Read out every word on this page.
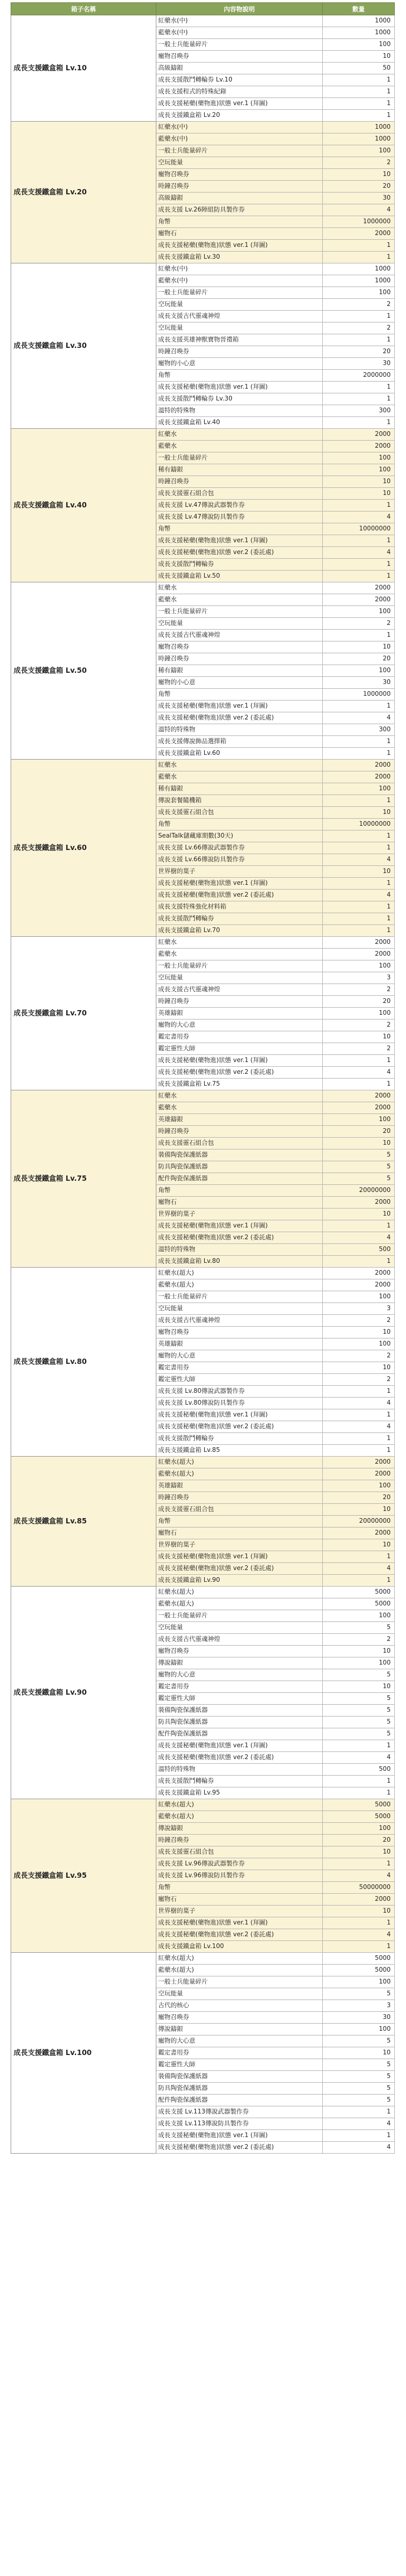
箱子名稱	內容物說明	數量
成長支援鐵盒箱 Lv.10	紅藥水(中)	1000
	藍藥水(中)	1000
	一般士兵能量碎片	100
	寵物召喚券	10
	高級鑄銀	50
	成長支援散鬥轉輪券 Lv.10	1
	成長支援程式的特殊紀錄	1
	成長支援秘藥(藥物進)狀態 ver.1 (拜圖)	1
	成長支援鐵盒箱 Lv.20	1
成長支援鐵盒箱 Lv.20	紅藥水(中)	1000
	藍藥水(中)	1000
	一般士兵能量碎片	100
	空玩能量	2
	寵物召喚券	10
	時鐘召喚券	20
	高級鑄銀	30
	成長支援 Lv.26陣組防具製作券	4
	角幣	1000000
	寵物石	2000
	成長支援秘藥(藥物進)狀態 ver.1 (拜圖)	1
	成長支援鐵盒箱 Lv.30	1
成長支援鐵盒箱 Lv.30	紅藥水(中)	1000
	藍藥水(中)	1000
	一般士兵能量碎片	100
	空玩能量	2
	成長支援古代靈魂神煌	1
	空玩能量	2
	成長支援英雄神獸寶物晉禮箱	1
	時鐘召喚券	20
	寵物的小心意	30
	角幣	2000000
	成長支援秘藥(藥物進)狀態 ver.1 (拜圖)	1
	成長支援散鬥轉輪券 Lv.30	1
	溫特的特殊物	300
	成長支援鐵盒箱 Lv.40	1
成長支援鐵盒箱 Lv.40	紅藥水	2000
	藍藥水	2000
	一般士兵能量碎片	100
	稀有鑄銀	100
	時鐘召喚券	10
	成長支援靈石組合包	10
	成長支援 Lv.47傳說武器製作券	1
	成長支援 Lv.47傳說防具製作券	4
	角幣	10000000
	成長支援秘藥(藥物進)狀態 ver.1 (拜圖)	1
	成長支援秘藥(藥物進)狀態 ver.2 (委託處)	4
	成長支援散鬥轉輪券	1
	成長支援鐵盒箱 Lv.50	1
成長支援鐵盒箱 Lv.50	紅藥水	2000
	藍藥水	2000
	一般士兵能量碎片	100
	空玩能量	2
	成長支援古代靈魂神煌	1
	寵物召喚券	10
	時鐘召喚券	20
	稀有鑄銀	100
	寵物的小心意	30
	角幣	1000000
	成長支援秘藥(藥物進)狀態 ver.1 (拜圖)	1
	成長支援秘藥(藥物進)狀態 ver.2 (委託處)	4
	溫特的特殊物	300
	成長支援傳說飾品選擇箱	1
	成長支援鐵盒箱 Lv.60	1
成長支援鐵盒箱 Lv.60	紅藥水	2000
	藍藥水	2000
	稀有鑄銀	100
	傳說套餐隨機箱	1
	成長支援靈石組合包	10
	角幣	10000000
	SealTalk儲藏庫期數(30天)	1
	成長支援 Lv.66傳說武器製作券	1
	成長支援 Lv.66傳說防具製作券	4
	世界樹的葉子	10
	成長支援秘藥(藥物進)狀態 ver.1 (拜圖)	1
	成長支援秘藥(藥物進)狀態 ver.2 (委託處)	4
	成長支援特殊強化材料箱	1
	成長支援散鬥轉輪券	1
	成長支援鐵盒箱 Lv.70	1
成長支援鐵盒箱 Lv.70	紅藥水	2000
	藍藥水	2000
	一般士兵能量碎片	100
	空玩能量	3
	成長支援古代靈魂神煌	2
	時鐘召喚券	20
	英雄鑄銀	100
	寵物的大心意	2
	鑑定書用券	10
	鑑定靈性大師	2
	成長支援秘藥(藥物進)狀態 ver.1 (拜圖)	1
	成長支援秘藥(藥物進)狀態 ver.2 (委託處)	4
	成長支援鐵盒箱 Lv.75	1
成長支援鐵盒箱 Lv.75	紅藥水	2000
	藍藥水	2000
	英雄鑄銀	100
	時鐘召喚券	20
	成長支援靈石組合包	10
	裝備陶瓷保護紙器	5
	防具陶瓷保護紙器	5
	配件陶瓷保護紙器	5
	角幣	20000000
	寵物石	2000
	世界樹的葉子	10
	成長支援秘藥(藥物進)狀態 ver.1 (拜圖)	1
	成長支援秘藥(藥物進)狀態 ver.2 (委託處)	4
	溫特的特殊物	500
	成長支援鐵盒箱 Lv.80	1
成長支援鐵盒箱 Lv.80	紅藥水(超大)	2000
	藍藥水(超大)	2000
	一般士兵能量碎片	100
	空玩能量	3
	成長支援古代靈魂神煌	2
	寵物召喚券	10
	英雄鑄銀	100
	寵物的大心意	2
	鑑定書用券	10
	鑑定靈性大師	2
	成長支援 Lv.80傳說武器製作券	1
	成長支援 Lv.80傳說防具製作券	4
	成長支援秘藥(藥物進)狀態 ver.1 (拜圖)	1
	成長支援秘藥(藥物進)狀態 ver.2 (委託處)	4
	成長支援散鬥轉輪券	1
	成長支援鐵盒箱 Lv.85	1
成長支援鐵盒箱 Lv.85	紅藥水(超大)	2000
	藍藥水(超大)	2000
	英雄鑄銀	100
	時鐘召喚券	20
	成長支援靈石組合包	10
	角幣	20000000
	寵物石	2000
	世界樹的葉子	10
	成長支援秘藥(藥物進)狀態 ver.1 (拜圖)	1
	成長支援秘藥(藥物進)狀態 ver.2 (委託處)	4
	成長支援鐵盒箱 Lv.90	1
成長支援鐵盒箱 Lv.90	紅藥水(超大)	5000
	藍藥水(超大)	5000
	一般士兵能量碎片	100
	空玩能量	5
	成長支援古代靈魂神煌	2
	寵物召喚券	10
	傳說鑄銀	100
	寵物的大心意	5
	鑑定書用券	10
	鑑定靈性大師	5
	裝備陶瓷保護紙器	5
	防具陶瓷保護紙器	5
	配件陶瓷保護紙器	5
	成長支援秘藥(藥物進)狀態 ver.1 (拜圖)	1
	成長支援秘藥(藥物進)狀態 ver.2 (委託處)	4
	溫特的特殊物	500
	成長支援散鬥轉輪券	1
	成長支援鐵盒箱 Lv.95	1
成長支援鐵盒箱 Lv.95	紅藥水(超大)	5000
	藍藥水(超大)	5000
	傳說鑄銀	100
	時鐘召喚券	20
	成長支援靈石組合包	10
	成長支援 Lv.96傳說武器製作券	1
	成長支援 Lv.96傳說防具製作券	4
	角幣	50000000
	寵物石	2000
	世界樹的葉子	10
	成長支援秘藥(藥物進)狀態 ver.1 (拜圖)	1
	成長支援秘藥(藥物進)狀態 ver.2 (委託處)	4
	成長支援鐵盒箱 Lv.100	1
成長支援鐵盒箱 Lv.100	紅藥水(超大)	5000
	藍藥水(超大)	5000
	一般士兵能量碎片	100
	空玩能量	5
	古代的核心	3
	寵物召喚券	30
	傳說鑄銀	100
	寵物的大心意	5
	鑑定書用券	10
	鑑定靈性大師	5
	裝備陶瓷保護紙器	5
	防具陶瓷保護紙器	5
	配件陶瓷保護紙器	5
	成長支援 Lv.113傳說武器製作券	1
	成長支援 Lv.113傳說防具製作券	4
	成長支援秘藥(藥物進)狀態 ver.1 (拜圖)	1
	成長支援秘藥(藥物進)狀態 ver.2 (委託處)	4
